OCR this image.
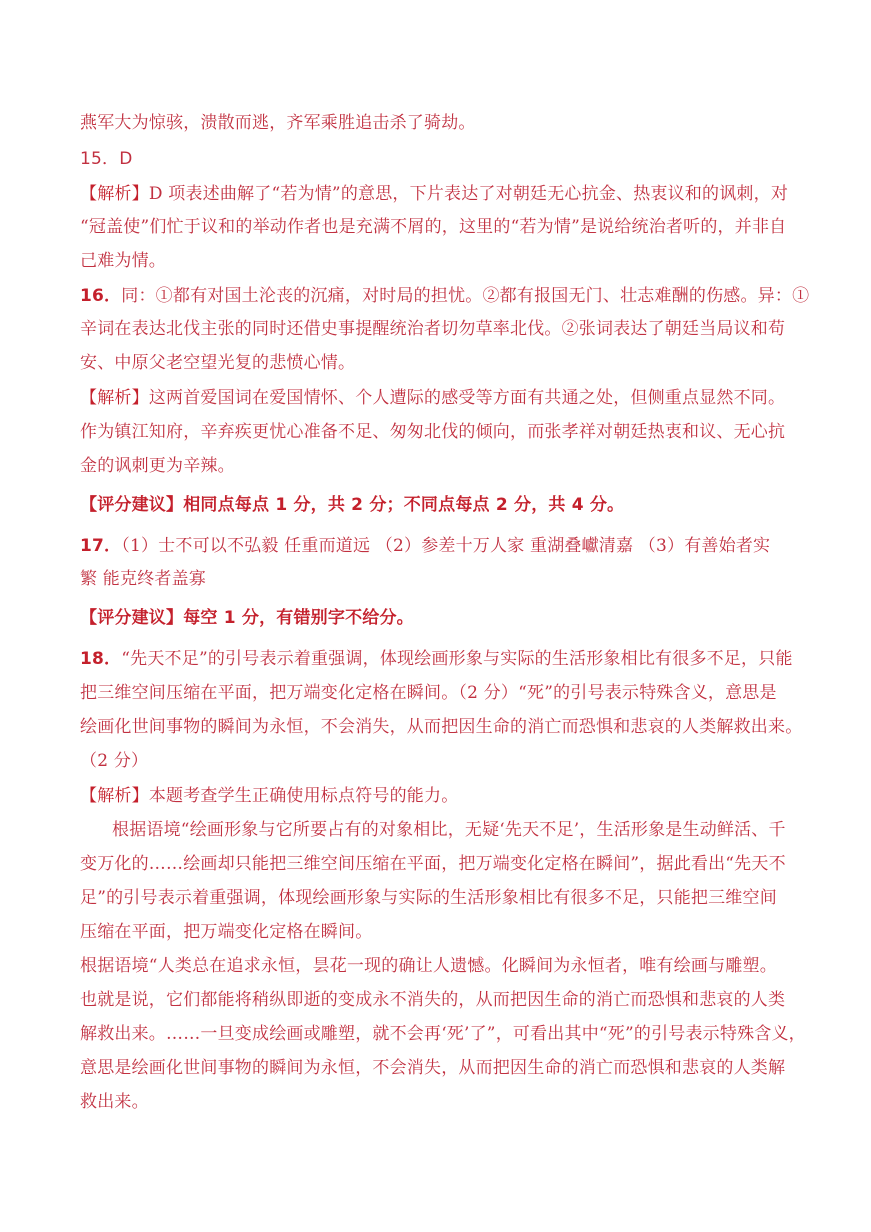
燕军大为惊骇，溃散而逃，齐军乘胜追击杀了骑劫。
15．D
【解析】D 项表述曲解了“若为情”的意思，下片表达了对朝廷无心抗金、热衷议和的讽刺，对
“冠盖使”们忙于议和的举动作者也是充满不屑的，这里的“若为情”是说给统治者听的，并非自
己难为情。
16．同：①都有对国土沦丧的沉痛，对时局的担忧。②都有报国无门、壮志难酬的伤感。异：①
辛词在表达北伐主张的同时还借史事提醒统治者切勿草率北伐。②张词表达了朝廷当局议和苟
安、中原父老空望光复的悲愤心情。
【解析】这两首爱国词在爱国情怀、个人遭际的感受等方面有共通之处，但侧重点显然不同。
作为镇江知府，辛弃疾更忧心准备不足、匆匆北伐的倾向，而张孝祥对朝廷热衷和议、无心抗
金的讽刺更为辛辣。
【评分建议】相同点每点 1 分，共 2 分；不同点每点 2 分，共 4 分。
17．（1）士不可以不弘毅 任重而道远 （2）参差十万人家 重湖叠巘清嘉 （3）有善始者实
繁 能克终者盖寡
【评分建议】每空 1 分，有错别字不给分。
18．“先天不足”的引号表示着重强调，体现绘画形象与实际的生活形象相比有很多不足，只能
把三维空间压缩在平面，把万端变化定格在瞬间。（2 分）“死”的引号表示特殊含义，意思是
绘画化世间事物的瞬间为永恒，不会消失，从而把因生命的消亡而恐惧和悲哀的人类解救出来。
（2 分）
【解析】本题考查学生正确使用标点符号的能力。
根据语境“绘画形象与它所要占有的对象相比，无疑‘先天不足’，生活形象是生动鲜活、千
变万化的……绘画却只能把三维空间压缩在平面，把万端变化定格在瞬间”，据此看出“先天不
足”的引号表示着重强调，体现绘画形象与实际的生活形象相比有很多不足，只能把三维空间
压缩在平面，把万端变化定格在瞬间。
根据语境“人类总在追求永恒，昙花一现的确让人遗憾。化瞬间为永恒者，唯有绘画与雕塑。
也就是说，它们都能将稍纵即逝的变成永不消失的，从而把因生命的消亡而恐惧和悲哀的人类
解救出来。……一旦变成绘画或雕塑，就不会再‘死’了”，可看出其中“死”的引号表示特殊含义，
意思是绘画化世间事物的瞬间为永恒，不会消失，从而把因生命的消亡而恐惧和悲哀的人类解
救出来。
